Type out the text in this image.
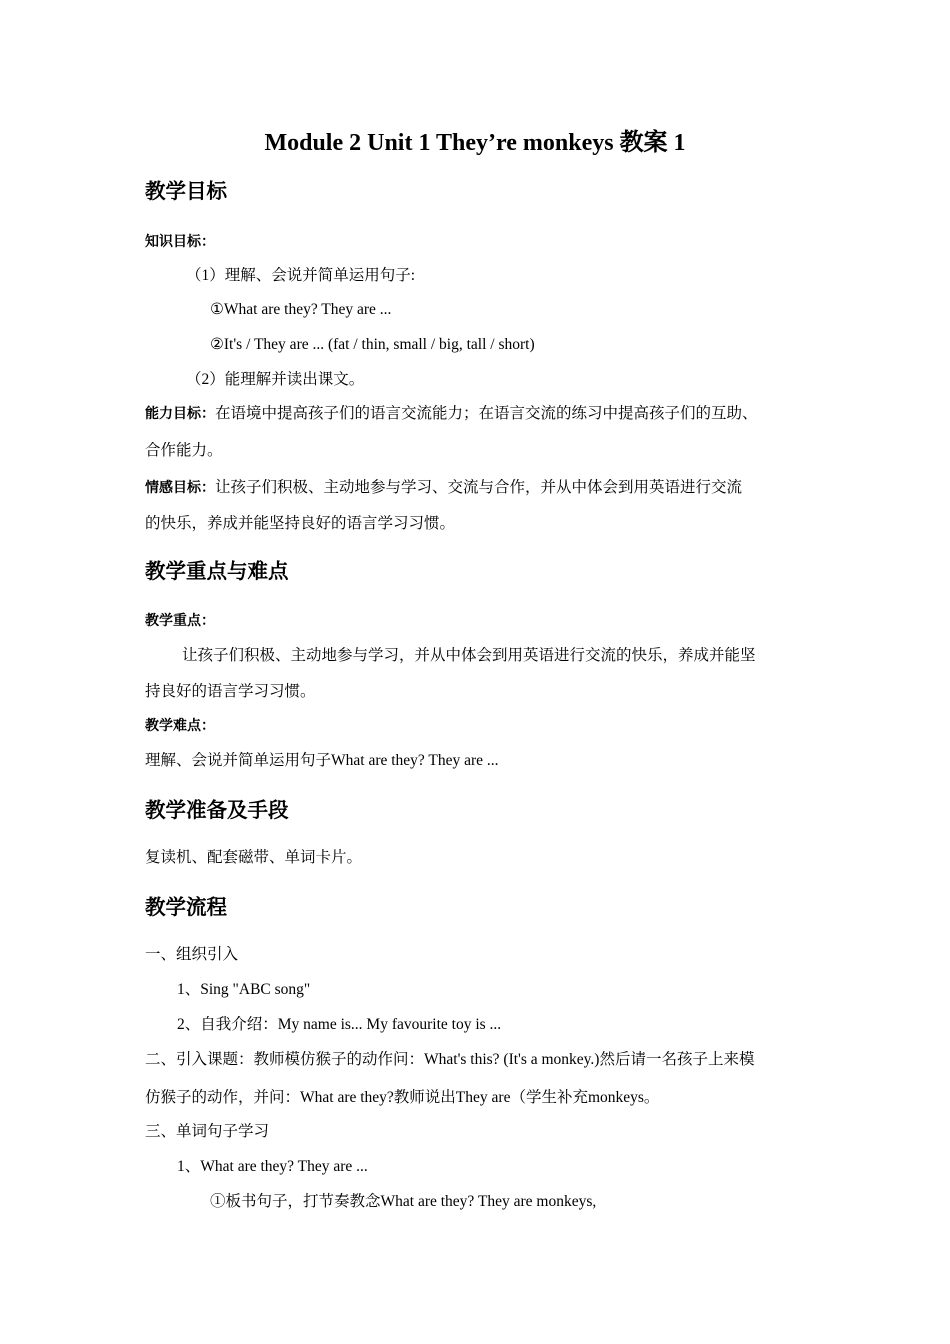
Module 2 Unit 1 They’re monkeys 教案 1
教学目标
知识目标：
（1）理解、会说并简单运用句子:
①What are they? They are ...
②It's / They are ... (fat / thin, small / big, tall / short)
（2）能理解并读出课文。
能力目标：在语境中提高孩子们的语言交流能力；在语言交流的练习中提高孩子们的互助、
合作能力。
情感目标：让孩子们积极、主动地参与学习、交流与合作，并从中体会到用英语进行交流
的快乐，养成并能坚持良好的语言学习习惯。
教学重点与难点
教学重点：
让孩子们积极、主动地参与学习，并从中体会到用英语进行交流的快乐，养成并能坚
持良好的语言学习习惯。
教学难点：
理解、会说并简单运用句子What are they? They are ...
教学准备及手段
复读机、配套磁带、单词卡片。
教学流程
一、组织引入
1、Sing "ABC song"
2、自我介绍：My name is... My favourite toy is ...
二、引入课题：教师模仿猴子的动作问：What's this? (It's a monkey.)然后请一名孩子上来模
仿猴子的动作，并问：What are they?教师说出They are（学生补充monkeys。
三、单词句子学习
1、What are they? They are ...
①板书句子，打节奏教念What are they? They are monkeys,
